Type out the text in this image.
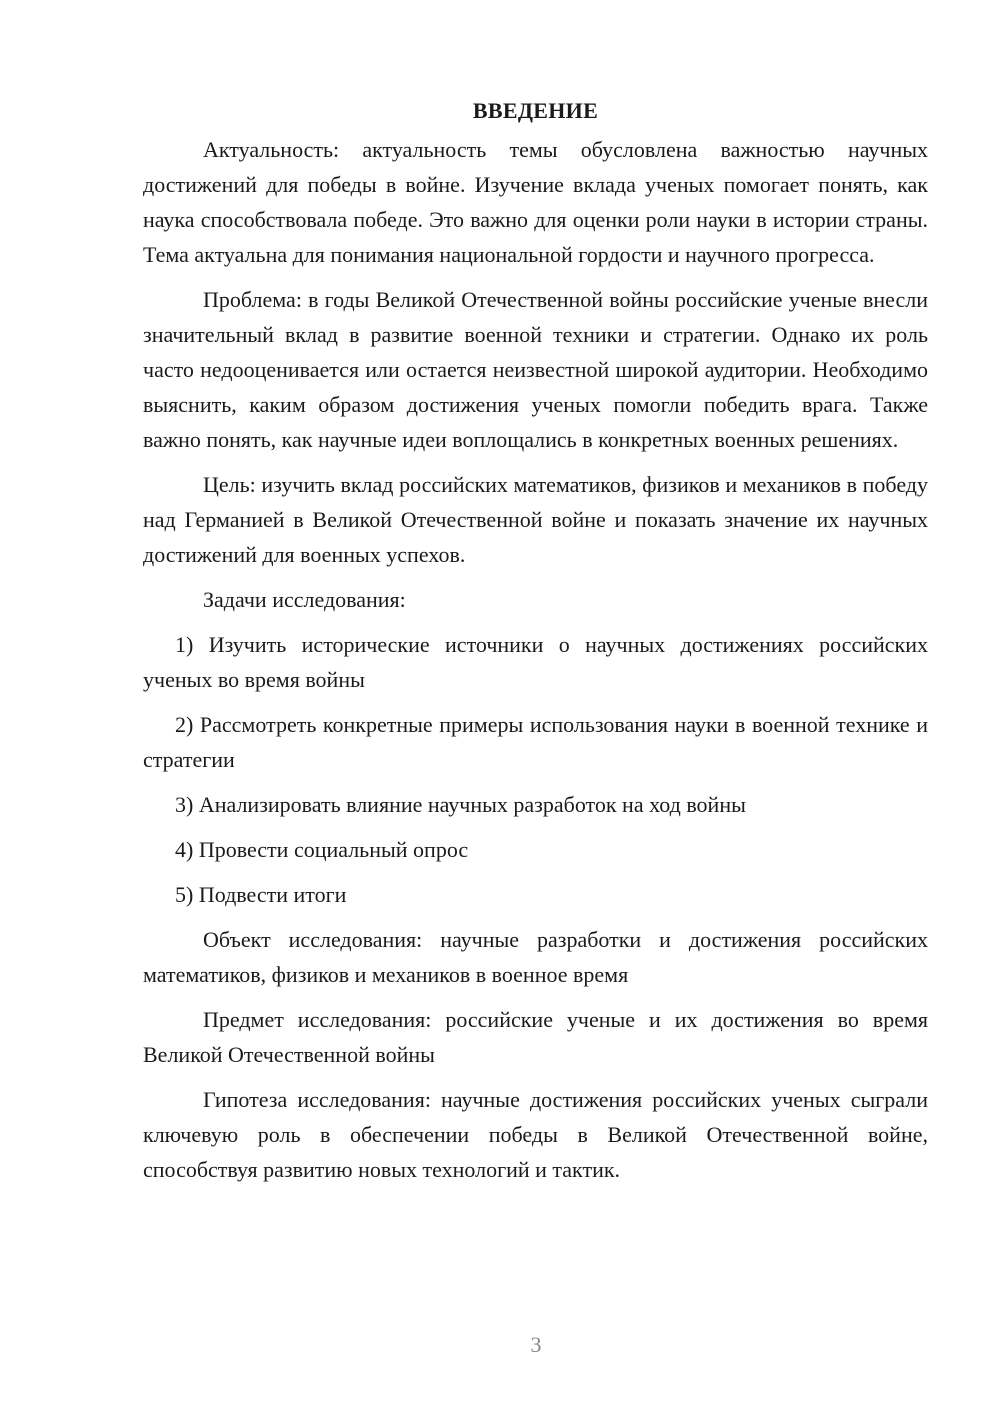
ВВЕДЕНИЕ

Актуальность: актуальность темы обусловлена важностью научных достижений для победы в войне. Изучение вклада ученых помогает понять, как наука способствовала победе. Это важно для оценки роли науки в истории страны. Тема актуальна для понимания национальной гордости и научного прогресса.

Проблема: в годы Великой Отечественной войны российские ученые внесли значительный вклад в развитие военной техники и стратегии. Однако их роль часто недооценивается или остается неизвестной широкой аудитории. Необходимо выяснить, каким образом достижения ученых помогли победить врага. Также важно понять, как научные идеи воплощались в конкретных военных решениях.

Цель: изучить вклад российских математиков, физиков и механиков в победу над Германией в Великой Отечественной войне и показать значение их научных достижений для военных успехов.

Задачи исследования:

1) Изучить исторические источники о научных достижениях российских ученых во время войны

2) Рассмотреть конкретные примеры использования науки в военной технике и стратегии

3) Анализировать влияние научных разработок на ход войны

4) Провести социальный опрос

5) Подвести итоги

Объект исследования: научные разработки и достижения российских математиков, физиков и механиков в военное время

Предмет исследования: российские ученые и их достижения во время Великой Отечественной войны

Гипотеза исследования: научные достижения российских ученых сыграли ключевую роль в обеспечении победы в Великой Отечественной войне, способствуя развитию новых технологий и тактик.

3
